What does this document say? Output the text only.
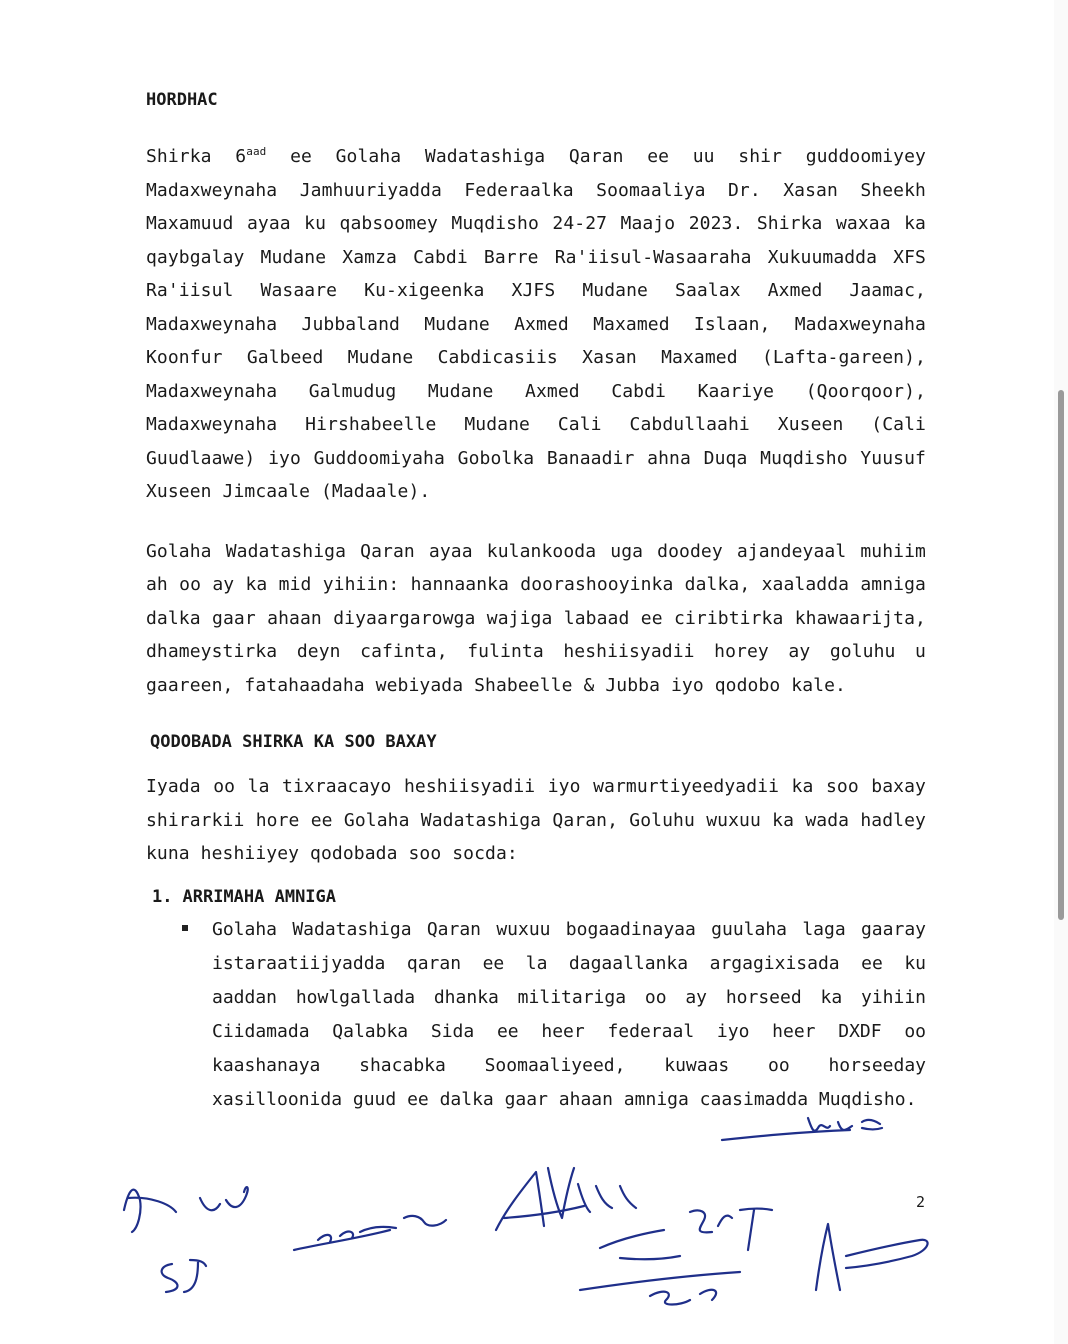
HORDHAC

Shirka $6^{aad}$ ee Golaha Wadatashiga Qaran ee uu shir guddoomiyey Madaxweynaha Jamhuuriyadda Federaalka Soomaaliya Dr. Xasan Sheekh Maxamuud ayaa ku qabsoomey Muqdisho 24-27 Maajo 2023. Shirka waxaa ka qaybgalay Mudane Xamza Cabdi Barre Ra'iisul-Wasaaraha Xukuumadda XFS Ra'iisul Wasaare Ku-xigeenka XJFS Mudane Saalax Axmed Jaamac, Madaxweynaha Jubbaland Mudane Axmed Maxamed Islaan, Madaxweynaha Koonfur Galbeed Mudane Cabdicasiis Xasan Maxamed (Lafta-gareen), Madaxweynaha Galmudug Mudane Axmed Cabdi Kaariye (Qoorqoor), Madaxweynaha Hirshabeelle Mudane Cali Cabdullaahi Xuseen (Cali Guudlaawe) iyo Guddoomiyaha Gobolka Banaadir ahna Duqa Muqdisho Yuusuf Xuseen Jimcaale (Madaale).

Golaha Wadatashiga Qaran ayaa kulankooda uga doodey ajandeyaal muhiim ah oo ay ka mid yihiin: hannaanka doorashooyinka dalka, xaaladda amniga dalka gaar ahaan diyaargarowga wajiga labaad ee ciribtirka khawaarijta, dhameystirka deyn cafinta, fulinta heshiisyadii horey ay goluhu u gaareen, fatahaadaha webiyada Shabeelle & Jubba iyo qodobo kale.

QODOBADA SHIRKA KA SOO BAXAY

Iyada oo la tixraacayo heshiisyadii iyo warmurtiyeedyadii ka soo baxay shirarkii hore ee Golaha Wadatashiga Qaran, Goluhu wuxuu ka wada hadley kuna heshiiyey qodobada soo socda:

1. ARRIMAHA AMNIGA

Golaha Wadatashiga Qaran wuxuu bogaadinayaa guulaha laga gaaray istaraatiijyadda qaran ee la dagaallanka argagixisada ee ku aaddan howlgallada dhanka militariga oo ay horseed ka yihiin Ciidamada Qalabka Sida ee heer federaal iyo heer DXDF oo kaashanaya shacabka Soomaaliyeed, kuwaas oo horseeday xasilloonida guud ee dalka gaar ahaan amniga caasimadda Muqdisho.

2
